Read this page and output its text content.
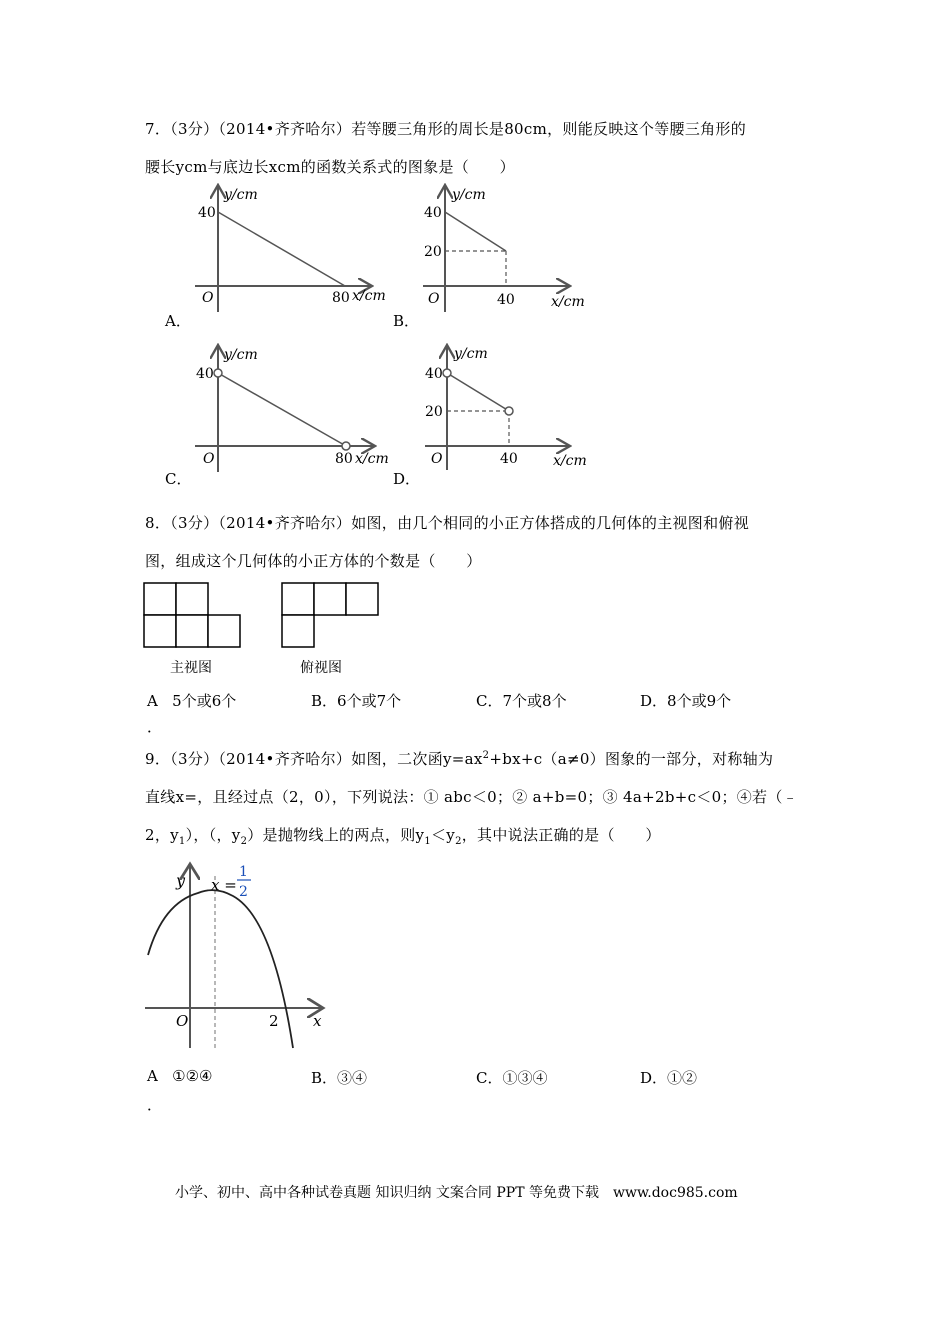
7．（3分）（2014•齐齐哈尔）若等腰三角形的周长是80cm，则能反映这个等腰三角形的
腰长ycm与底边长xcm的函数关系式的图象是（　　）
y/cm
40
O	80 x/cm
A．
y/cm
40
20
O	40	x/cm
B．
y/cm
40
O	80 x/cm
C．
y/cm
40
20
O	40	x/cm
D．
8．（3分）（2014•齐齐哈尔）如图，由几个相同的小正方体搭成的几何体的主视图和俯视
图，组成这个几何体的小正方体的个数是（　　）
主视图	俯视图
A 5个或6个	B．6个或7个	C．7个或8个	D．8个或9个
．
9．（3分）（2014•齐齐哈尔）如图，二次函$y=ax^2+bx+c(a\ne 0)$图象的一部分，对称轴为
直线x=，且经过点（2，0），下列说法：① abc＜0；② a+b=0；③ 4a+2b+c＜0；④若（﹣
2，$y_1$），（，$y_2$）是抛物线上的两点，则$y_1<y_2$，其中说法正确的是（　　）
y x =
1
2
O	2 x
A ①②④	B．③④	C．①③④	D．①②
．
小学、初中、高中各种试卷真题 知识归纳 文案合同 PPT 等免费下载　www.doc985.com
